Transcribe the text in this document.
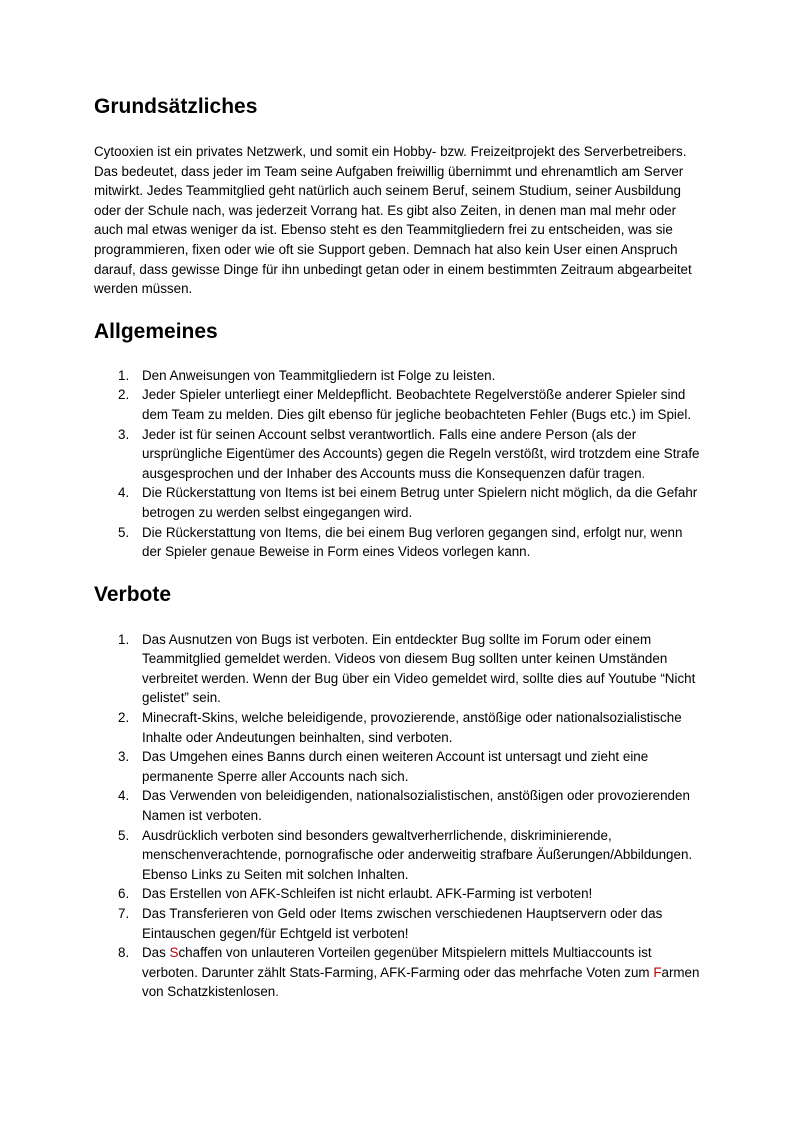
Grundsätzliches

Cytooxien ist ein privates Netzwerk, und somit ein Hobby- bzw. Freizeitprojekt des Serverbetreibers. Das bedeutet, dass jeder im Team seine Aufgaben freiwillig übernimmt und ehrenamtlich am Server mitwirkt. Jedes Teammitglied geht natürlich auch seinem Beruf, seinem Studium, seiner Ausbildung oder der Schule nach, was jederzeit Vorrang hat. Es gibt also Zeiten, in denen man mal mehr oder auch mal etwas weniger da ist. Ebenso steht es den Teammitgliedern frei zu entscheiden, was sie programmieren, fixen oder wie oft sie Support geben. Demnach hat also kein User einen Anspruch darauf, dass gewisse Dinge für ihn unbedingt getan oder in einem bestimmten Zeitraum abgearbeitet werden müssen.

Allgemeines
1. Den Anweisungen von Teammitgliedern ist Folge zu leisten.
2. Jeder Spieler unterliegt einer Meldepflicht. Beobachtete Regelverstöße anderer Spieler sind dem Team zu melden. Dies gilt ebenso für jegliche beobachteten Fehler (Bugs etc.) im Spiel.
3. Jeder ist für seinen Account selbst verantwortlich. Falls eine andere Person (als der ursprüngliche Eigentümer des Accounts) gegen die Regeln verstößt, wird trotzdem eine Strafe ausgesprochen und der Inhaber des Accounts muss die Konsequenzen dafür tragen.
4. Die Rückerstattung von Items ist bei einem Betrug unter Spielern nicht möglich, da die Gefahr betrogen zu werden selbst eingegangen wird.
5. Die Rückerstattung von Items, die bei einem Bug verloren gegangen sind, erfolgt nur, wenn der Spieler genaue Beweise in Form eines Videos vorlegen kann.
Verbote
1. Das Ausnutzen von Bugs ist verboten. Ein entdeckter Bug sollte im Forum oder einem Teammitglied gemeldet werden. Videos von diesem Bug sollten unter keinen Umständen verbreitet werden. Wenn der Bug über ein Video gemeldet wird, sollte dies auf Youtube “Nicht gelistet” sein.
2. Minecraft-Skins, welche beleidigende, provozierende, anstößige oder nationalsozialistische Inhalte oder Andeutungen beinhalten, sind verboten.
3. Das Umgehen eines Banns durch einen weiteren Account ist untersagt und zieht eine permanente Sperre aller Accounts nach sich.
4. Das Verwenden von beleidigenden, nationalsozialistischen, anstößigen oder provozierenden Namen ist verboten.
5. Ausdrücklich verboten sind besonders gewaltverherrlichende, diskriminierende, menschenverachtende, pornografische oder anderweitig strafbare Äußerungen/Abbildungen. Ebenso Links zu Seiten mit solchen Inhalten.
6. Das Erstellen von AFK-Schleifen ist nicht erlaubt. AFK-Farming ist verboten!
7. Das Transferieren von Geld oder Items zwischen verschiedenen Hauptservern oder das Eintauschen gegen/für Echtgeld ist verboten!
8. Das Schaffen von unlauteren Vorteilen gegenüber Mitspielern mittels Multiaccounts ist verboten. Darunter zählt Stats-Farming, AFK-Farming oder das mehrfache Voten zum Farmen von Schatzkistenlosen.
